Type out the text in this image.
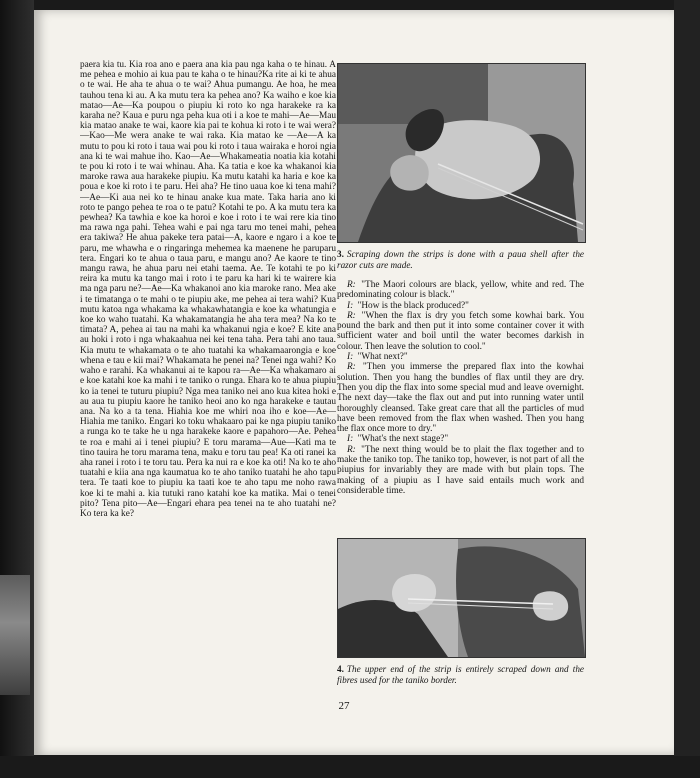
paera kia tu. Kia roa ano e paera ana kia pau nga kaha o te hinau. A me pehea e mohio ai kua pau te kaha o te hinau?Ka rite ai ki te ahua o te wai. He aha te ahua o te wai? Ahua pumangu. Ae hoa, he mea tauhou tena ki au. A ka mutu tera ka pehea ano? Ka waiho e koe kia matao—Ae—Ka poupou o piupiu ki roto ko nga harakeke ra ka karaha ne? Kaua e puru nga peha kua oti i a koe te mahi—Ae—Mau kia matao anake te wai, kaore kia pai te kohua ki roto i te wai wera? —Kao—Me wera anake te wai raka. Kia matao ke —Ae—A ka mutu to pou ki roto i taua wai pou ki roto i taua wairaka e horoi ngia ana ki te wai mahue iho. Kao—Ae—Whakameatia noatia kia kotahi te pou ki roto i te wai whinau. Aha. Ka tatia e koe ka whakanoi kia maroke rawa aua harakeke piupiu. Ka mutu katahi ka haria e koe ka poua e koe ki roto i te paru. Hei aha? He tino uaua koe ki tena mahi?—Ae—Ki aua nei ko te hinau anake kua mate. Taka haria ano ki roto te pango pehea te roa o te patu? Kotahi te po. A ka mutu tera ka pewhea? Ka tawhia e koe ka horoi e koe i roto i te wai rere kia tino ma rawa nga pahi. Tehea wahi e pai nga taru mo tenei mahi, pehea era takiwa? He ahua pakeke tera patai—A, kaore e ngaro i a koe te paru, me whawha e o ringaringa mehemea ka maenene he paruparu tera. Engari ko te ahua o taua paru, e mangu ano? Ae kaore te tino mangu rawa, he ahua paru nei etahi taema. Ae. Te kotahi te po ki reira ka mutu ka tango mai i roto i te paru ka hari ki te wairere kia ma nga paru ne?—Ae—Ka whakanoi ano kia maroke rano. Mea ake i te timatanga o te mahi o te piupiu ake, me pehea ai tera wahi? Kua mutu katoa nga whakama ka whakawhatangia e koe ka whatungia e koe ko waho tuatahi. Ka whakamatangia he aha tera mea? Na ko te timata? A, pehea ai tau na mahi ka whakanui ngia e koe? E kite ana au hoki i roto i nga whakaahua nei kei tena taha. Pera tahi ano taua. Kia mutu te whakamata o te aho tuatahi ka whakamaarongia e koe whena e tau e kii mai? Whakamata he penei na? Tenei nga wahi? Ko waho e rarahi. Ka whakanui ai te kapou ra—Ae—Ka whakamaro ai e koe katahi koe ka mahi i te taniko o runga. Ehara ko te ahua piupiu ko ia tenei te tuturu piupiu? Nga mea taniko nei ano kua kitea hoki e au aua tu piupiu kaore he taniko heoi ano ko nga harakeke e tautau ana. Na ko a ta tena. Hiahia koe me whiri noa iho e koe—Ae—Hiahia me taniko. Engari ko toku whakaaro pai ke nga piupiu taniko a runga ko te take he u nga harakeke kaore e papahoro—Ae. Pehea te roa e mahi ai i tenei piupiu? E toru marama—Aue—Kati ma te tino tauira he toru marama tena, maku e toru tau pea! Ka oti ranei ka aha ranei i roto i te toru tau. Pera ka nui ra e koe ka oti! Na ko te aho tuatahi e kiia ana nga kaumatua ko te aho taniko tuatahi he aho tapu tera. Te taati koe to piupiu ka taati koe te aho tapu me noho rawa koe ki te mahi a. kia tutuki rano katahi koe ka matika. Mai o tenei pito? Tena pito—Ae—Engari ehara pea tenei na te aho tuatahi ne? Ko tera ka ke?

3. Scraping down the strips is done with a paua shell after the razor cuts are made.

R: "The Maori colours are black, yellow, white and red. The predominating colour is black."

I: "How is the black produced?"

R: "When the flax is dry you fetch some kowhai bark. You pound the bark and then put it into some container cover it with sufficient water and boil until the water becomes darkish in colour. Then leave the solution to cool."

I: "What next?"

R: "Then you immerse the prepared flax into the kowhai solution. Then you hang the bundles of flax until they are dry. Then you dip the flax into some special mud and leave overnight. The next day—take the flax out and put into running water until thoroughly cleansed. Take great care that all the particles of mud have been removed from the flax when washed. Then you hang the flax once more to dry."

I: "What's the next stage?"

R: "The next thing would be to plait the flax together and to make the taniko top. The taniko top, however, is not part of all the piupius for invariably they are made with but plain tops. The making of a piupiu as I have said entails much work and considerable time.

4. The upper end of the strip is entirely scraped down and the fibres used for the taniko border.
27
